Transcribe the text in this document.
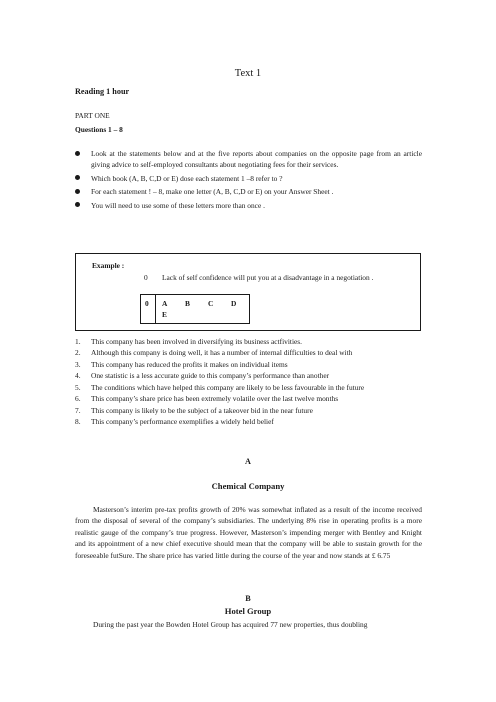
Text 1
Reading 1 hour
PART ONE
Questions 1 – 8
Look at the statements below and at the five reports about companies on the opposite page from an article giving advice to self-employed consultants about negotiating fees for their services.
Which book (A, B, C,D or E) dose each statement 1 –8 refer to ?
For each statement ! – 8, make one letter (A, B, C,D or E) on your Answer Sheet .
You will need to use some of these letters more than once .
Example :
0 Lack of self confidence will put you at a disadvantage in a negotiation .
0 A B C D
E
1. This company has been involved in diversifying its business actfivities.
2. Although this company is doing well, it has a number of internal difficulties to deal with
3. This company has reduced the profits it makes on individual items
4. One statistic is a less accurate guide to this company’s performance than another
5. The conditions which have helped this company are likely to be less favourable in the future
6. This company’s share price has been extremely volatile over the last twelve months
7. This company is likely to be the subject of a takeover bid in the near future
8. This company’s performance exemplifies a widely held belief
A
Chemical Company

Masterson’s interim pre-tax profits growth of 20% was somewhat inflated as a result of the income received from the disposal of several of the company’s subsidiaries. The underlying 8% rise in operating profits is a more realistic gauge of the company’s true progress. However, Masterson’s impending merger with Bentley and Knight and its appointment of a new chief executive should mean that the company will be able to sustain growth for the foreseeable futSure. The share price has varied little during the course of the year and now stands at £ 6.75

B
Hotel Group

During the past year the Bowden Hotel Group has acquired 77 new properties, thus doubling
